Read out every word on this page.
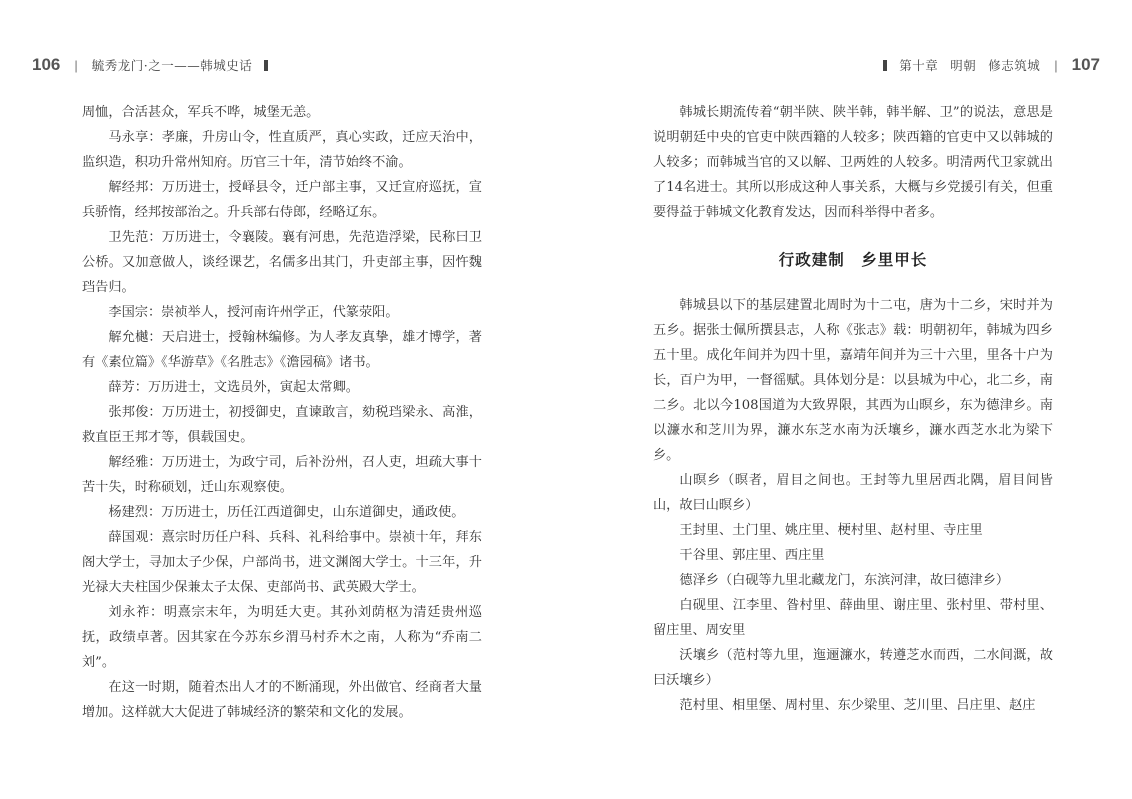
106 | 毓秀龙门·之一——韩城史话	第十章 明朝 修志筑城 | 107

周恤，合活甚众，军兵不哗，城堡无恙。

马永享：孝廉，升房山令，性直质严，真心实政，迁应天治中，监织造，积功升常州知府。历官三十年，清节始终不渝。

解经邦：万历进士，授峄县令，迁户部主事，又迁宣府巡抚，宣兵骄惰，经邦按部治之。升兵部右侍郎，经略辽东。

卫先范：万历进士，令襄陵。襄有河患，先范造浮梁，民称曰卫公桥。又加意做人，谈经课艺，名儒多出其门，升吏部主事，因忤魏珰告归。

李国宗：崇祯举人，授河南许州学正，代篆荥阳。

解允樾：天启进士，授翰林编修。为人孝友真挚，雄才博学，著有《素位篇》《华游草》《名胜志》《澹园稿》诸书。

薛芳：万历进士，文选员外，寅起太常卿。

张邦俊：万历进士，初授御史，直谏敢言，劾税珰梁永、高淮，救直臣王邦才等，俱载国史。

解经雅：万历进士，为政宁司，后补汾州，召人吏，坦疏大事十苦十失，时称硕划，迁山东观察使。

杨建烈：万历进士，历任江西道御史，山东道御史，通政使。

薛国观：熹宗时历任户科、兵科、礼科给事中。崇祯十年，拜东阁大学士，寻加太子少保，户部尚书，进文渊阁大学士。十三年，升光禄大夫柱国少保兼太子太保、吏部尚书、武英殿大学士。

刘永祚：明熹宗末年，为明廷大吏。其孙刘荫枢为清廷贵州巡抚，政绩卓著。因其家在今苏东乡渭马村乔木之南，人称为“乔南二刘”。

在这一时期，随着杰出人才的不断涌现，外出做官、经商者大量增加。这样就大大促进了韩城经济的繁荣和文化的发展。

韩城长期流传着“朝半陕、陕半韩，韩半解、卫”的说法，意思是说明朝廷中央的官吏中陕西籍的人较多；陕西籍的官吏中又以韩城的人较多；而韩城当官的又以解、卫两姓的人较多。明清两代卫家就出了14名进士。其所以形成这种人事关系，大概与乡党援引有关，但重要得益于韩城文化教育发达，因而科举得中者多。

行政建制　乡里甲长

韩城县以下的基层建置北周时为十二屯，唐为十二乡，宋时并为五乡。据张士佩所撰县志，人称《张志》载：明朝初年，韩城为四乡五十里。成化年间并为四十里，嘉靖年间并为三十六里，里各十户为长，百户为甲，一督徭赋。具体划分是：以县城为中心，北二乡，南二乡。北以今108国道为大致界限，其西为山暝乡，东为德津乡。南以濂水和芝川为界，濂水东芝水南为沃壤乡，濂水西芝水北为梁下乡。

山暝乡（暝者，眉目之间也。王封等九里居西北隅，眉目间皆山，故曰山暝乡）

王封里、土门里、姚庄里、梗村里、赵村里、寺庄里

干谷里、郭庄里、西庄里

德泽乡（白砚等九里北藏龙门，东滨河津，故曰德津乡）

白砚里、江李里、昝村里、薛曲里、谢庄里、张村里、带村里、留庄里、周安里

沃壤乡（范村等九里，迤逦濂水，转遵芝水而西，二水间溉，故曰沃壤乡）

范村里、相里堡、周村里、东少梁里、芝川里、吕庄里、赵庄
